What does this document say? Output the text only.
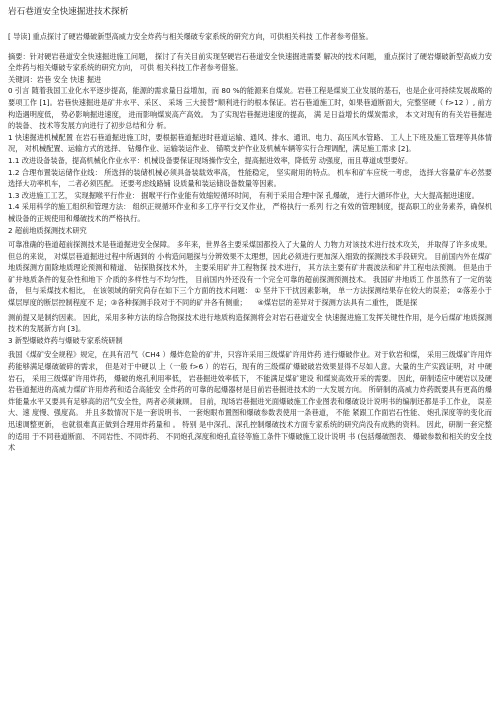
岩石巷道安全快速掘进技术探析

[ 导读] 重点探讨了硬岩爆破新型高威力安全炸药与相关爆破专家系统的研究方向，可供相关科技 工作者参考借鉴。

摘要：针对硬岩巷道安全快速掘进施工问题， 探讨了有关目前实现坚硬岩石巷道安全快速掘进需要 解决的技术问题， 重点探讨了硬岩爆破新型高威力安全炸药与相关爆破专家系统的研究方向， 可供 相关科技工作者参考借鉴。

关键词：岩巷 安全 快速 掘进

0 引言 随着我国工业化水平逐步提高，能源的需求量日益增加，而 80 %的能源来自煤炭。岩巷工程是煤炭工业发展的基石，也是企业可持续发展战略的要项工作 [1]。岩巷快速掘进是矿井水平、采区、 采场 三大接替”顺利进行的根本保证。岩石巷道施工时，如果巷道断面大，完整坚硬（ f>12 ）, 前方构造遇明度低， 势必影响掘进速度， 进而影响煤炭高产高效。 为了实现岩巷掘进速度的提高， 满 足日益增长的煤炭需求， 本文对现有的有关岩巷掘进的装备、 技术等发展方向进行了初步总结和分 析。

1 快速掘进机械配置 在岩石巷道掘进施工时，要根据巷道掘进时巷道运输、通风、排水、通讯、电力、高压风水管路、 工人上下班及施工管理等具体情况， 对机械配置、运输方式的选择、 钻爆作业、运输装运作业、 锚喷支护作业及机械车辆等实行合理调配，满足施工需求 [2]。

1.1 改进设备装备，提高机械化作业水平：机械设备要保证现场操作安全，提高掘进效率，降低劳 动强度，而且尊道成型要好。

1.2 合理布置装运储作业线： 所选择的装储机械必须具备装载效率高， 性能稳定， 坚实耐用的特点。 机车和矿车应统一考虑， 选择大容量矿车必然要选择大功率机车， 二者必须匹配。 还要考虑线路铺 设质量和装运储设备数量等因素。

1.3 改进施工工艺， 实现掘喉平行作业： 掘喉平行作业能有效缩短循环时间， 有利于采用合理中深 孔爆破， 进行大循环作业，大大提高掘进速度。

1.4 采用科学的施工组织和管理方法： 组织正规循环作业和多工序平行交叉作业， 严格执行一系列 行之有效的管理制度，提高职工的业务素养，确保机械设备的正规使用和爆破技术的严格执行。

2 超前地质探测技术研究

可靠准确的巷道超前探测技术是巷道掘进安全保障。 多年来，世界各主要采煤国都投入了大量的人 力物力对该技术进行技术攻关， 并取得了许多成果。 但总的来说， 对煤层巷道掘进过程中所遇到的 小构造问题探与分辨效果不太理想，因此必须进行更加深入细致的探测技术手段研究。 目前国内外在煤矿地质探测方面除地质理论预测和精道、 钻探勘探技术外， 主要采用矿井工程物探 技术进行， 其方法主要有矿井震波法和矿井工程电法预测。 但是由于矿井地质条件的复杂性和地下 介质的多样性与不均匀性， 目前国内外还没有一个完全可靠的超前探测预测技术。 我国矿井地质工 作虽然有了一定的装备， 但与采煤技术相比， 在该领域的研究尚存在如下三个方面的技术问题： ① 坚井下干扰因素影响， 单一方法探测结果存在较大的误差； ②落差小于煤层厚度的断层控制程度不 足；③各种探测手段对于不同的矿井各有侧重；　　④煤岩层的差异对于探测方法具有二重性， 既是探

测前提又是制约因素。 因此，采用多种方法的综合物探技术进行地质构造探测将会对岩石巷道安全 快速掘进施工发挥关键性作用，是今后煤矿地质探测技术的发展新方向 [3]。

3 新型爆破炸药与爆破专家系统研制

我国《煤矿安全规程》规定，在具有沼气（CH4 ）爆炸危险的矿井，只容许采用三级煤矿许用炸药 进行爆破作业。对于软岩和煤， 采用三级煤矿许用炸药能够满足爆破破碎的需求， 但是对于中硬以 上（一般 f>6 ）的岩石，现有的三级煤矿爆破破岩效果显得不尽如人意。大量的生产实践证明，对 中硬岩石， 采用三级煤矿许用炸药， 爆破的炮孔利用率低， 岩巷掘进效率低下， 不能满足煤矿建设 和煤炭高效开采的需要。 因此，研制适应中硬岩以及硬岩巷道掘进的高威力煤矿许用炸药和适合高能安 全炸药的可靠的起爆器材是目前岩巷掘进技术的一大发展方向。 所研制的高威力炸药既要具有更高的爆 炸能量水平又要具有足够高的沼气安全性，两者必须兼顾。 目前，现场岩巷掘进光面爆破施工作业图表和爆破设计说明书的编制还都是手工作业， 误差大、速 度慢、强度高。 并且多数情况下是一套说明书、 一套炮眼布置图和爆破参数表使用一条巷道， 不能 紧跟工作面岩石性能、 炮孔深度等的变化而迅速调整更新， 也就很难真正做到合理用炸药量和 。 特别 是中深孔、深孔控制爆破技术方面专家系统的研究尚没有成熟的资料。 因此，研制一套完整的适用 于不同巷道断面、 不同岩性、不同炸药、 不同炮孔深度和炮孔直径等施工条件下爆破施工设计说明 书 (包括爆破图表、 爆破参数和相关的安全技术
